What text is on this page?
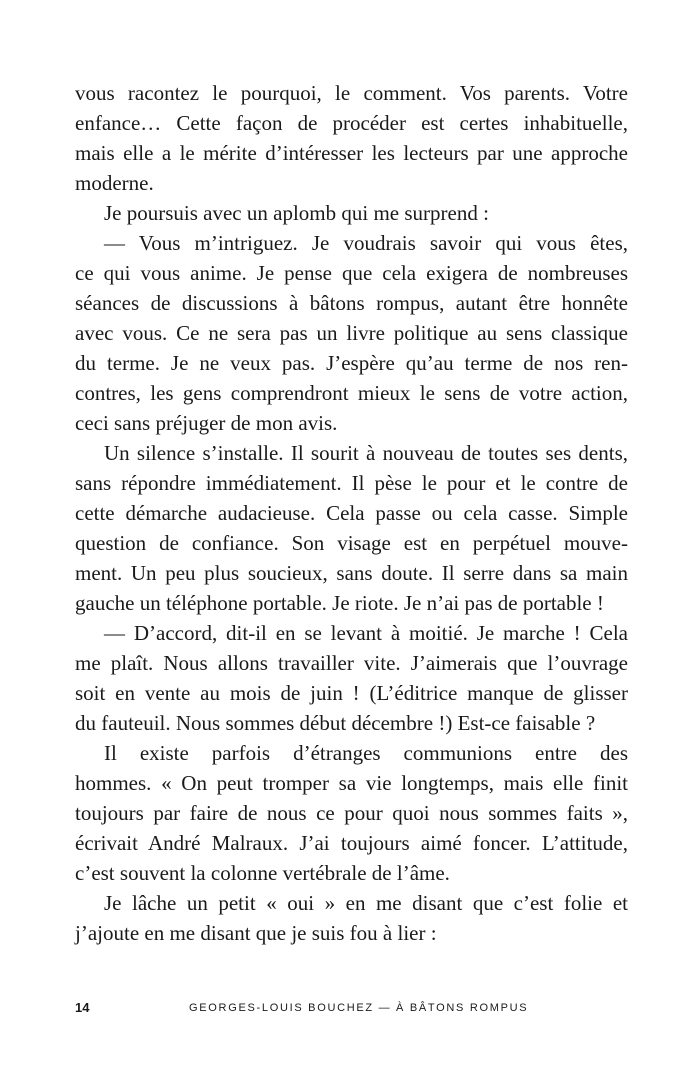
vous racontez le pourquoi, le comment. Vos parents. Votre

enfance… Cette façon de procéder est certes inhabituelle,

mais elle a le mérite d’intéresser les lecteurs par une approche

moderne.

Je poursuis avec un aplomb qui me surprend :

— Vous m’intriguez. Je voudrais savoir qui vous êtes,

ce qui vous anime. Je pense que cela exigera de nombreuses

séances de discussions à bâtons rompus, autant être honnête

avec vous. Ce ne sera pas un livre politique au sens classique

du terme. Je ne veux pas. J’espère qu’au terme de nos ren-

contres, les gens comprendront mieux le sens de votre action,

ceci sans préjuger de mon avis.

Un silence s’installe. Il sourit à nouveau de toutes ses dents,

sans répondre immédiatement. Il pèse le pour et le contre de

cette démarche audacieuse. Cela passe ou cela casse. Simple

question de confiance. Son visage est en perpétuel mouve-

ment. Un peu plus soucieux, sans doute. Il serre dans sa main

gauche un téléphone portable. Je riote. Je n’ai pas de portable !

— D’accord, dit-il en se levant à moitié. Je marche ! Cela

me plaît. Nous allons travailler vite. J’aimerais que l’ouvrage

soit en vente au mois de juin ! (L’éditrice manque de glisser

du fauteuil. Nous sommes début décembre !) Est-ce faisable ?

Il existe parfois d’étranges communions entre des

hommes. « On peut tromper sa vie longtemps, mais elle finit

toujours par faire de nous ce pour quoi nous sommes faits »,

écrivait André Malraux. J’ai toujours aimé foncer. L’attitude,

c’est souvent la colonne vertébrale de l’âme.

Je lâche un petit « oui » en me disant que c’est folie et

j’ajoute en me disant que je suis fou à lier :

14	GEORGES-LOUIS BOUCHEZ — À BÂTONS ROMPUS
